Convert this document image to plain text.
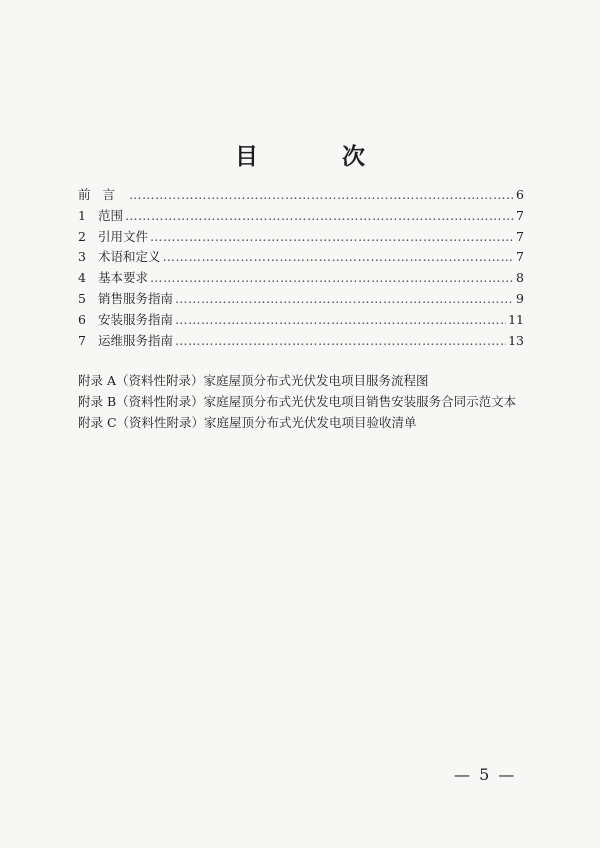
目 次
前言 …………………………………………………………………………………………………………………………………………………………………………	6
1 范围 …………………………………………………………………………………………………………………………………………………………………………	7
2 引用文件 …………………………………………………………………………………………………………………………………………………………………………	7
3 术语和定义 …………………………………………………………………………………………………………………………………………………………………………	7
4 基本要求 …………………………………………………………………………………………………………………………………………………………………………	8
5 销售服务指南 …………………………………………………………………………………………………………………………………………………………………………	9
6 安装服务指南 …………………………………………………………………………………………………………………………………………………………………………	11
7 运维服务指南 …………………………………………………………………………………………………………………………………………………………………………	13
附录 A（资料性附录）家庭屋顶分布式光伏发电项目服务流程图
附录 B（资料性附录）家庭屋顶分布式光伏发电项目销售安装服务合同示范文本
附录 C（资料性附录）家庭屋顶分布式光伏发电项目验收清单
— 5 —
